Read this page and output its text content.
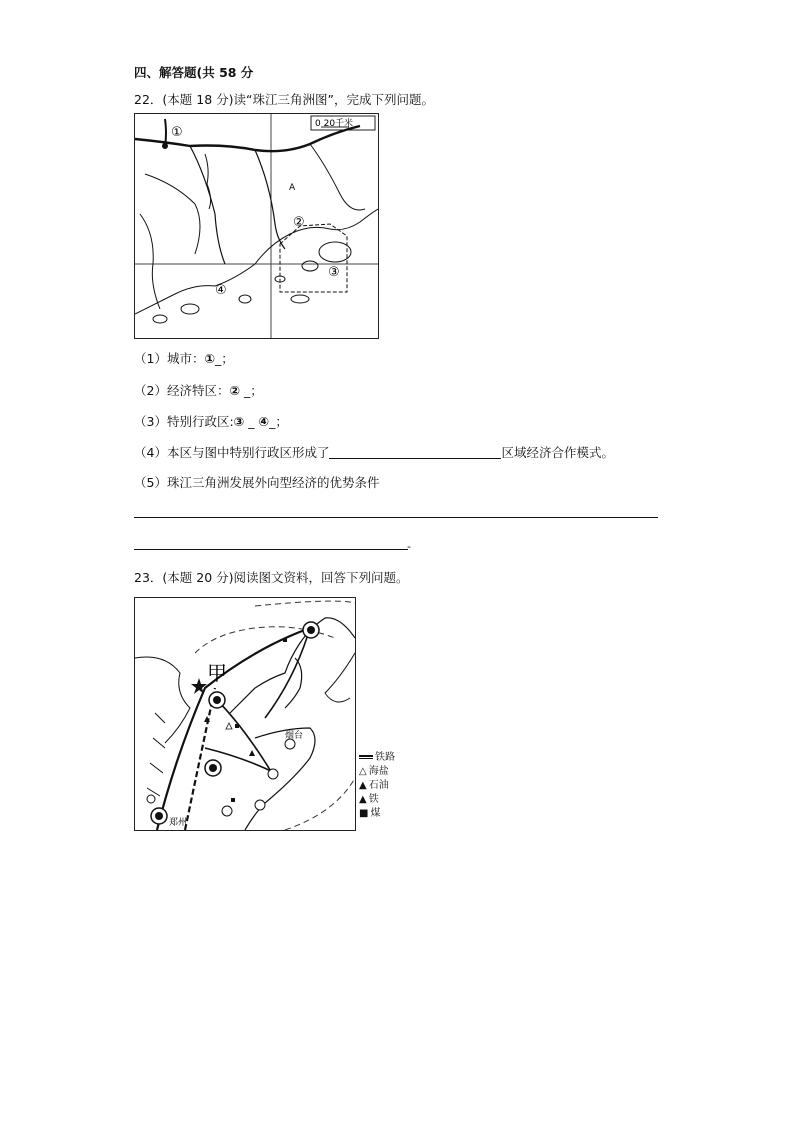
四、解答题(共 58 分
22．(本题 18 分)读“珠江三角洲图”，完成下列问题。
0 20千米
①
②
③
④
A
（1）城市：①_；
（2）经济特区：② _；
（3）特别行政区:③ _ ④_；
（4）本区与图中特别行政区形成了	区域经济合作模式。
（5）珠江三角洲发展外向型经济的优势条件
-
23．(本题 20 分)阅读图文资料，回答下列问题。
甲
烟台
郑州
铁路
△ 海盐
▲ 石油
▲ 铁
■ 煤
